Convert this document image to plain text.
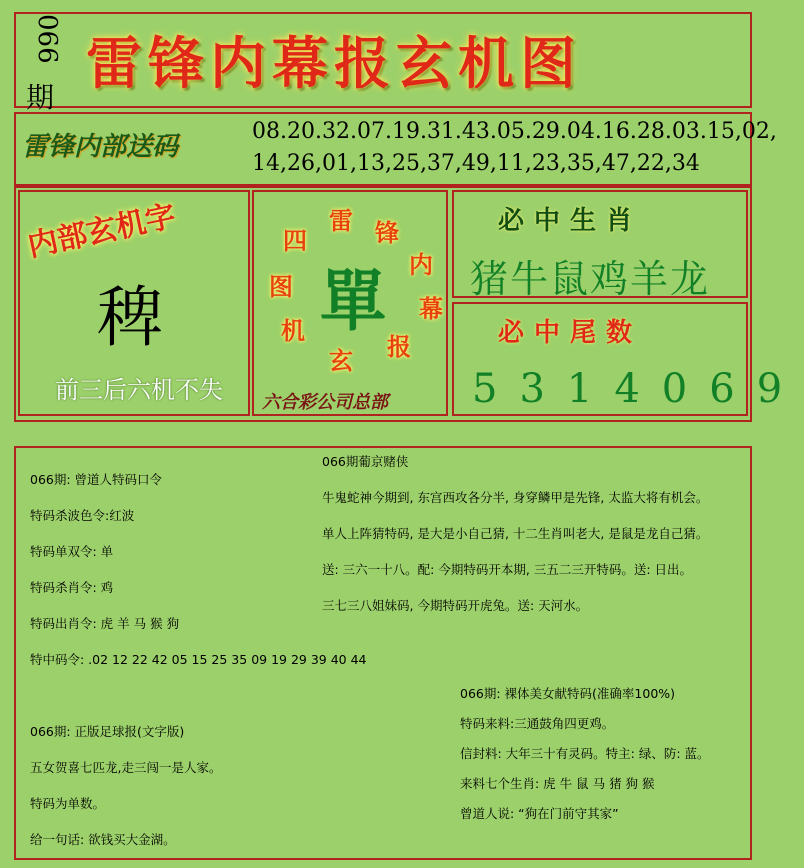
066
期
雷锋内幕报玄机图
雷锋内部送码
08.20.32.07.19.31.43.05.29.04.16.28.03.15,02,
14,26,01,13,25,37,49,11,23,35,47,22,34
内部玄机字
稗
前三后六机不失
雷 锋
内
幕
报
玄
机
图
四
單
六合彩公司总部
必中生肖
猪牛鼠鸡羊龙
必中尾数
5314069
066期: 曾道人特码口令
特码杀波色令:红波
特码单双令: 单
特码杀肖令: 鸡
特码出肖令: 虎 羊 马 猴 狗
特中码令: .02 12 22 42 05 15 25 35 09 19 29 39 40 44
066期: 正版足球报(文字版)
五女贺喜七匹龙,走三闯一是人家。
特码为单数。
给一句话: 欲钱买大金湖。
066期葡京赌侠
牛鬼蛇神今期到, 东宫西攻各分半, 身穿鳞甲是先锋, 太监大将有机会。
单人上阵猜特码, 是大是小自己猜, 十二生肖叫老大, 是鼠是龙自己猜。
送: 三六一十八。配: 今期特码开本期, 三五二三开特码。送: 日出。
三七三八姐妹码, 今期特码开虎兔。送: 天河水。
066期: 裸体美女献特码(准确率100%)
特码来料:三通鼓角四更鸡。
信封料: 大年三十有灵码。特主: 绿、防: 蓝。
来料七个生肖: 虎 牛 鼠 马 猪 狗 猴
曾道人说: “狗在门前守其家”
